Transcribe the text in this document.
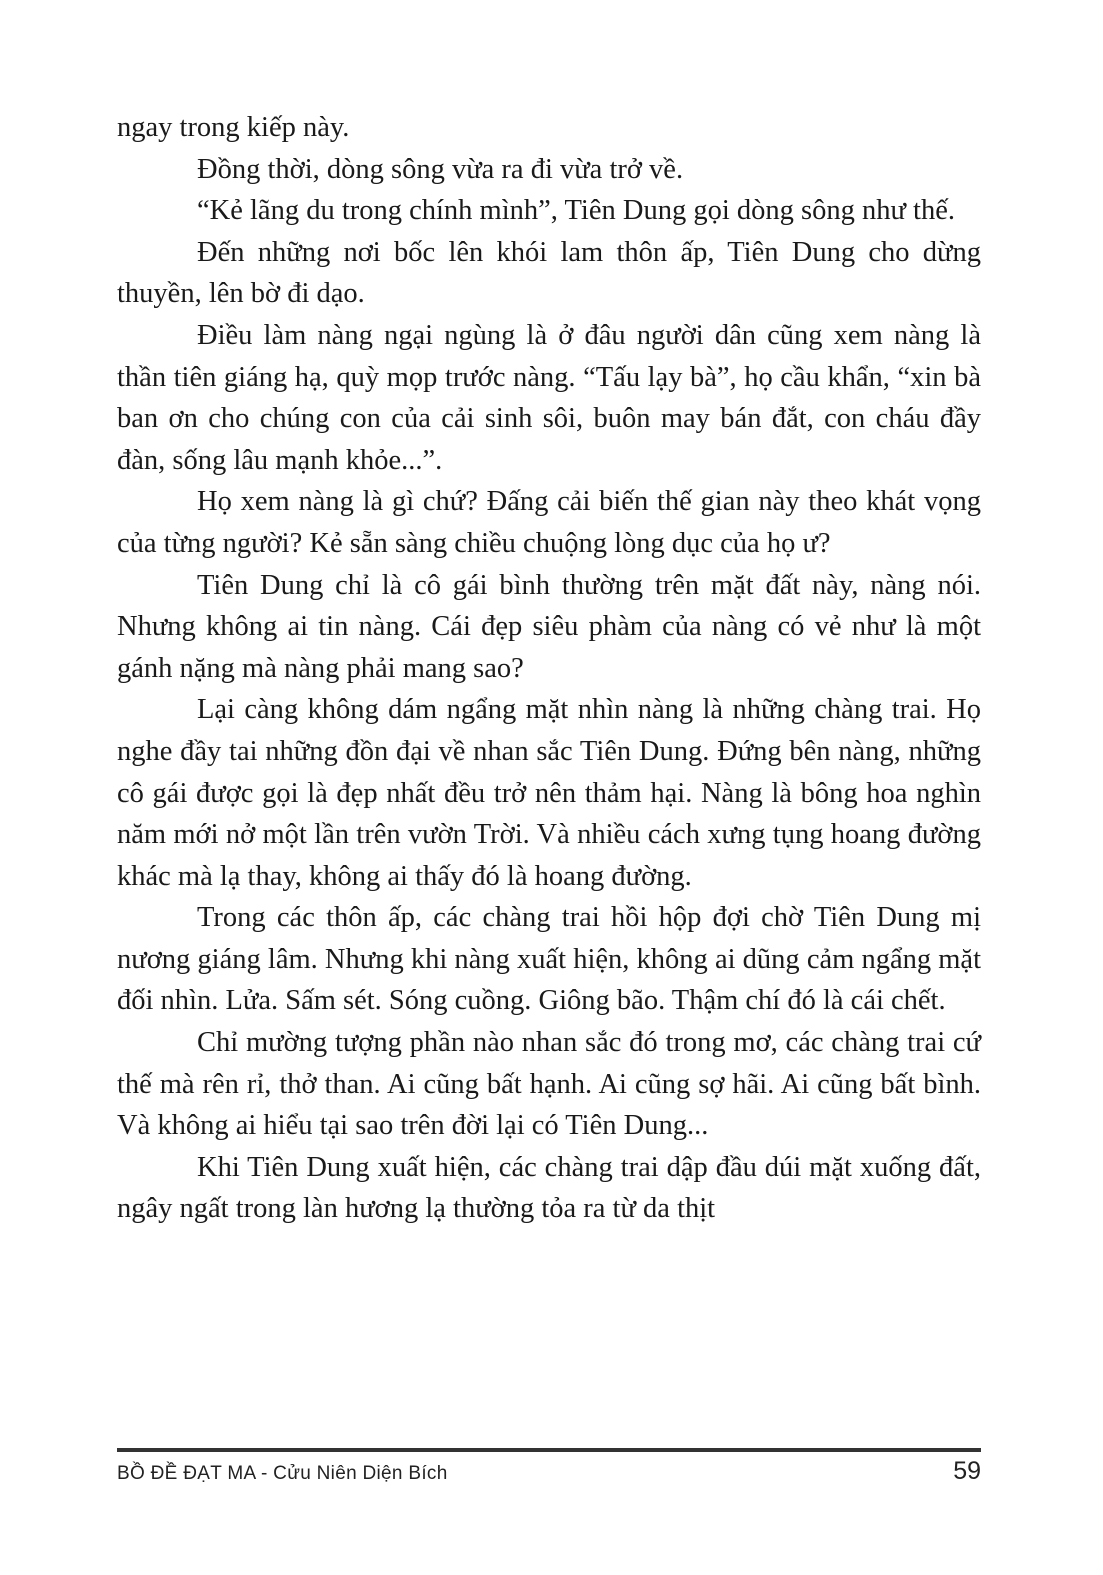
ngay trong kiếp này.

Đồng thời, dòng sông vừa ra đi vừa trở về.

“Kẻ lãng du trong chính mình”, Tiên Dung gọi dòng sông như thế.

Đến những nơi bốc lên khói lam thôn ấp, Tiên Dung cho dừng thuyền, lên bờ đi dạo.

Điều làm nàng ngại ngùng là ở đâu người dân cũng xem nàng là thần tiên giáng hạ, quỳ mọp trước nàng. “Tấu lạy bà”, họ cầu khẩn, “xin bà ban ơn cho chúng con của cải sinh sôi, buôn may bán đắt, con cháu đầy đàn, sống lâu mạnh khỏe...”.

Họ xem nàng là gì chứ? Đấng cải biến thế gian này theo khát vọng của từng người? Kẻ sẵn sàng chiều chuộng lòng dục của họ ư?

Tiên Dung chỉ là cô gái bình thường trên mặt đất này, nàng nói. Nhưng không ai tin nàng. Cái đẹp siêu phàm của nàng có vẻ như là một gánh nặng mà nàng phải mang sao?

Lại càng không dám ngẩng mặt nhìn nàng là những chàng trai. Họ nghe đầy tai những đồn đại về nhan sắc Tiên Dung. Đứng bên nàng, những cô gái được gọi là đẹp nhất đều trở nên thảm hại. Nàng là bông hoa nghìn năm mới nở một lần trên vườn Trời. Và nhiều cách xưng tụng hoang đường khác mà lạ thay, không ai thấy đó là hoang đường.

Trong các thôn ấp, các chàng trai hồi hộp đợi chờ Tiên Dung mị nương giáng lâm. Nhưng khi nàng xuất hiện, không ai dũng cảm ngẩng mặt đối nhìn. Lửa. Sấm sét. Sóng cuồng. Giông bão. Thậm chí đó là cái chết.

Chỉ mường tượng phần nào nhan sắc đó trong mơ, các chàng trai cứ thế mà rên rỉ, thở than. Ai cũng bất hạnh. Ai cũng sợ hãi. Ai cũng bất bình. Và không ai hiểu tại sao trên đời lại có Tiên Dung...

Khi Tiên Dung xuất hiện, các chàng trai dập đầu dúi mặt xuống đất, ngây ngất trong làn hương lạ thường tỏa ra từ da thịt

BỒ ĐỀ ĐẠT MA - Cửu Niên Diện Bích	59
